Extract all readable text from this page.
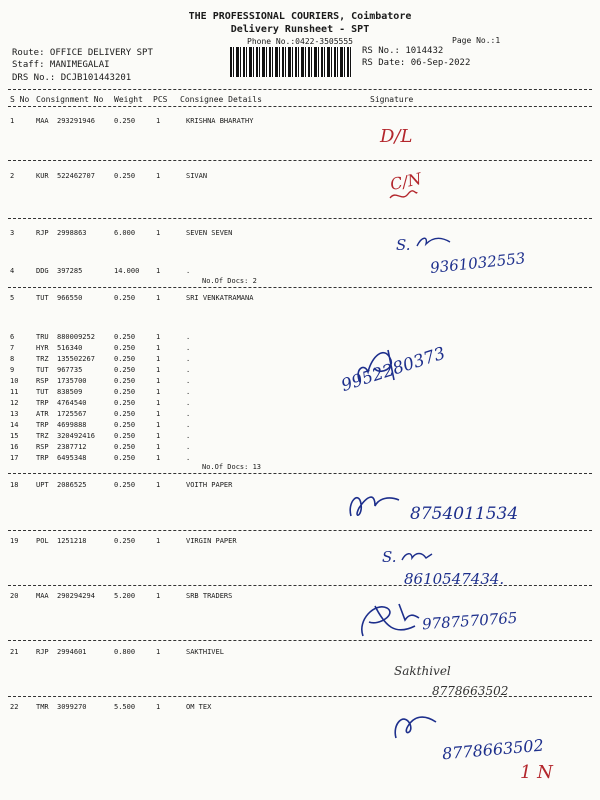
THE PROFESSIONAL COURIERS, Coimbatore
Delivery Runsheet - SPT
Phone No.:0422-3505555	Page No.:1
Route: OFFICE DELIVERY SPT
Staff: MANIMEGALAI
DRS No.: DCJB101443201
RS No.: 1014432
RS Date: 06-Sep-2022
S No Consignment No Weight PCS Consignee Details	Signature
1	MAA 293291946	0.250	1	KRISHNA BHARATHY
2	KUR 522462707	0.250	1	SIVAN
3	RJP 2998863	6.000	1	SEVEN SEVEN
4	DDG 397285	14.000 1	.
No.Of Docs: 2
5	TUT 966550	0.250	1	SRI VENKATRAMANA
6	TRU 880009252	0.250	1	.
7	HYR 516340	0.250	1	.
8	TRZ 135502267	0.250	1	.
9	TUT 967735	0.250	1	.
10	RSP 1735700	0.250	1	.
11	TUT 838509	0.250	1	.
12	TRP 4764540	0.250	1	.
13	ATR 1725567	0.250	1	.
14	TRP 4699888	0.250	1	.
15	TRZ 320492416	0.250	1	.
16	RSP 2387712	0.250	1	.
17	TRP 6495348	0.250	1	.
No.Of Docs: 13
18	UPT 2086525	0.250	1	VOITH PAPER
19	POL 1251218	0.250	1	VIRGIN PAPER
20	MAA 290294294	5.200	1	SRB TRADERS
21	RJP 2994601	0.800	1	SAKTHIVEL
22	TMR 3099270	5.500	1	OM TEX
D/L
C/N
S.
9361032553
9952280373
8754011534
S.
8610547434.
9787570765
Sakthivel
8778663502
8778663502
1 N
